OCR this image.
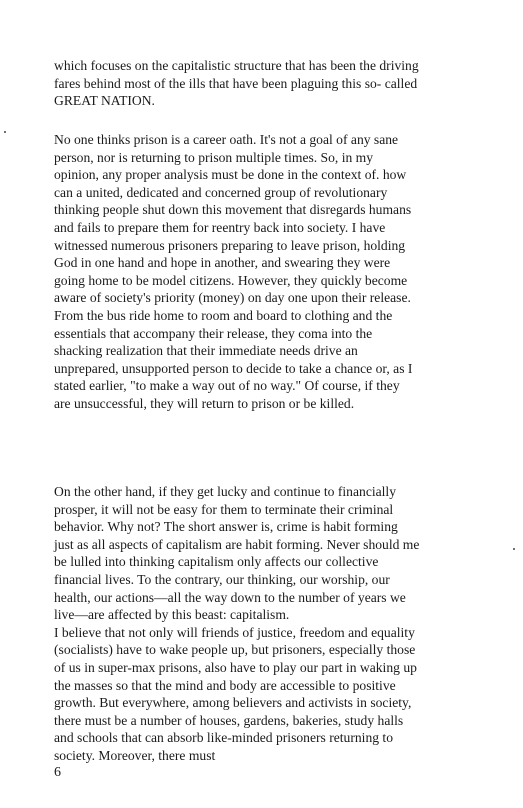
which focuses on the capitalistic structure that has been the driving
fares behind most of the ills that have been plaguing this so- called
GREAT NATION.
No one thinks prison is a career oath. It's not a goal of any sane
person, nor is returning to prison multiple times. So, in my
opinion, any proper analysis must be done in the context of. how
can a united, dedicated and concerned group of revolutionary
thinking people shut down this movement that disregards humans
and fails to prepare them for reentry back into society. I have
witnessed numerous prisoners preparing to leave prison, holding
God in one hand and hope in another, and swearing they were
going home to be model citizens. However, they quickly become
aware of society's priority (money) on day one upon their release.
From the bus ride home to room and board to clothing and the
essentials that accompany their release, they coma into the
shacking realization that their immediate needs drive an
unprepared, unsupported person to decide to take a chance or, as I
stated earlier, "to make a way out of no way." Of course, if they
are unsuccessful, they will return to prison or be killed.
On the other hand, if they get lucky and continue to financially
prosper, it will not be easy for them to terminate their criminal
behavior. Why not? The short answer is, crime is habit forming
just as all aspects of capitalism are habit forming. Never should me
be lulled into thinking capitalism only affects our collective
financial lives. To the contrary, our thinking, our worship, our
health, our actions—all the way down to the number of years we
live—are affected by this beast: capitalism.
I believe that not only will friends of justice, freedom and equality
(socialists) have to wake people up, but prisoners, especially those
of us in super-max prisons, also have to play our part in waking up
the masses so that the mind and body are accessible to positive
growth. But everywhere, among believers and activists in society,
there must be a number of houses, gardens, bakeries, study halls
and schools that can absorb like-minded prisoners returning to
society. Moreover, there must
6
